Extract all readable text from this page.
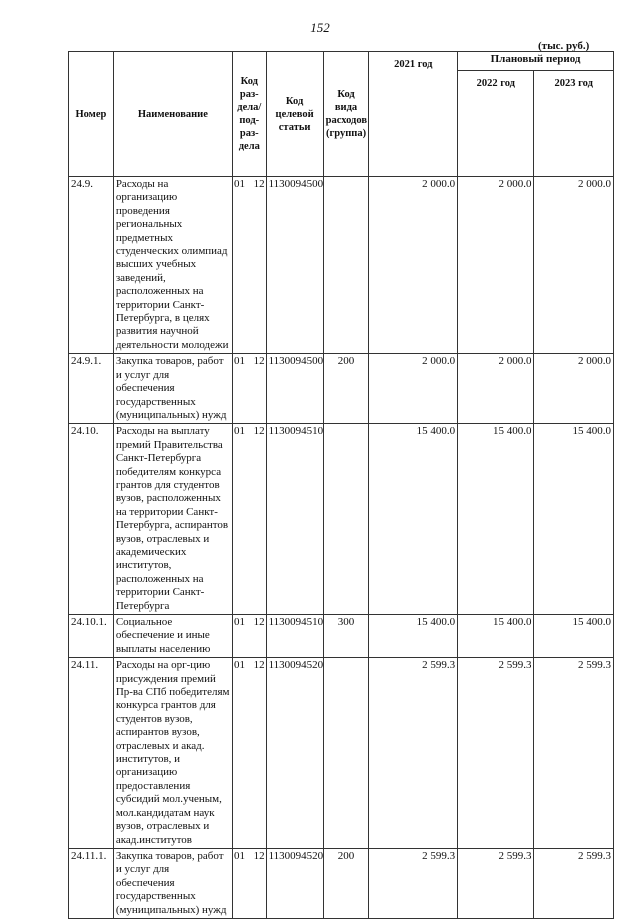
152
(тыс. руб.)
Номер	Наименование	Код раз-дела/ под-раз-дела	Код целевой статьи	Код вида расходов (группа)	2021 год	Плановый период	
						2022 год	2023 год
24.9.	Расходы на организацию проведения региональных предметных студенческих олимпиад высших учебных заведений, расположенных на территории Санкт-Петербурга, в целях развития научной деятельности молодежи	01 12	1130094500		2 000.0	2 000.0	2 000.0
24.9.1.	Закупка товаров, работ и услуг для обеспечения государственных (муниципальных) нужд	01 12	1130094500	200	2 000.0	2 000.0	2 000.0
24.10.	Расходы на выплату премий Правительства Санкт-Петербурга победителям конкурса грантов для студентов вузов, расположенных на территории Санкт-Петербурга, аспирантов вузов, отраслевых и академических институтов, расположенных на территории Санкт-Петербурга	01 12	1130094510		15 400.0	15 400.0	15 400.0
24.10.1.	Социальное обеспечение и иные выплаты населению	01 12	1130094510	300	15 400.0	15 400.0	15 400.0
24.11.	Расходы на орг-цию присуждения премий Пр-ва СПб победителям конкурса грантов для студентов вузов, аспирантов вузов, отраслевых и акад. институтов, и организацию предоставления субсидий мол.ученым, мол.кандидатам наук вузов, отраслевых и акад.институтов	01 12	1130094520		2 599.3	2 599.3	2 599.3
24.11.1.	Закупка товаров, работ и услуг для обеспечения государственных (муниципальных) нужд	01 12	1130094520	200	2 599.3	2 599.3	2 599.3
